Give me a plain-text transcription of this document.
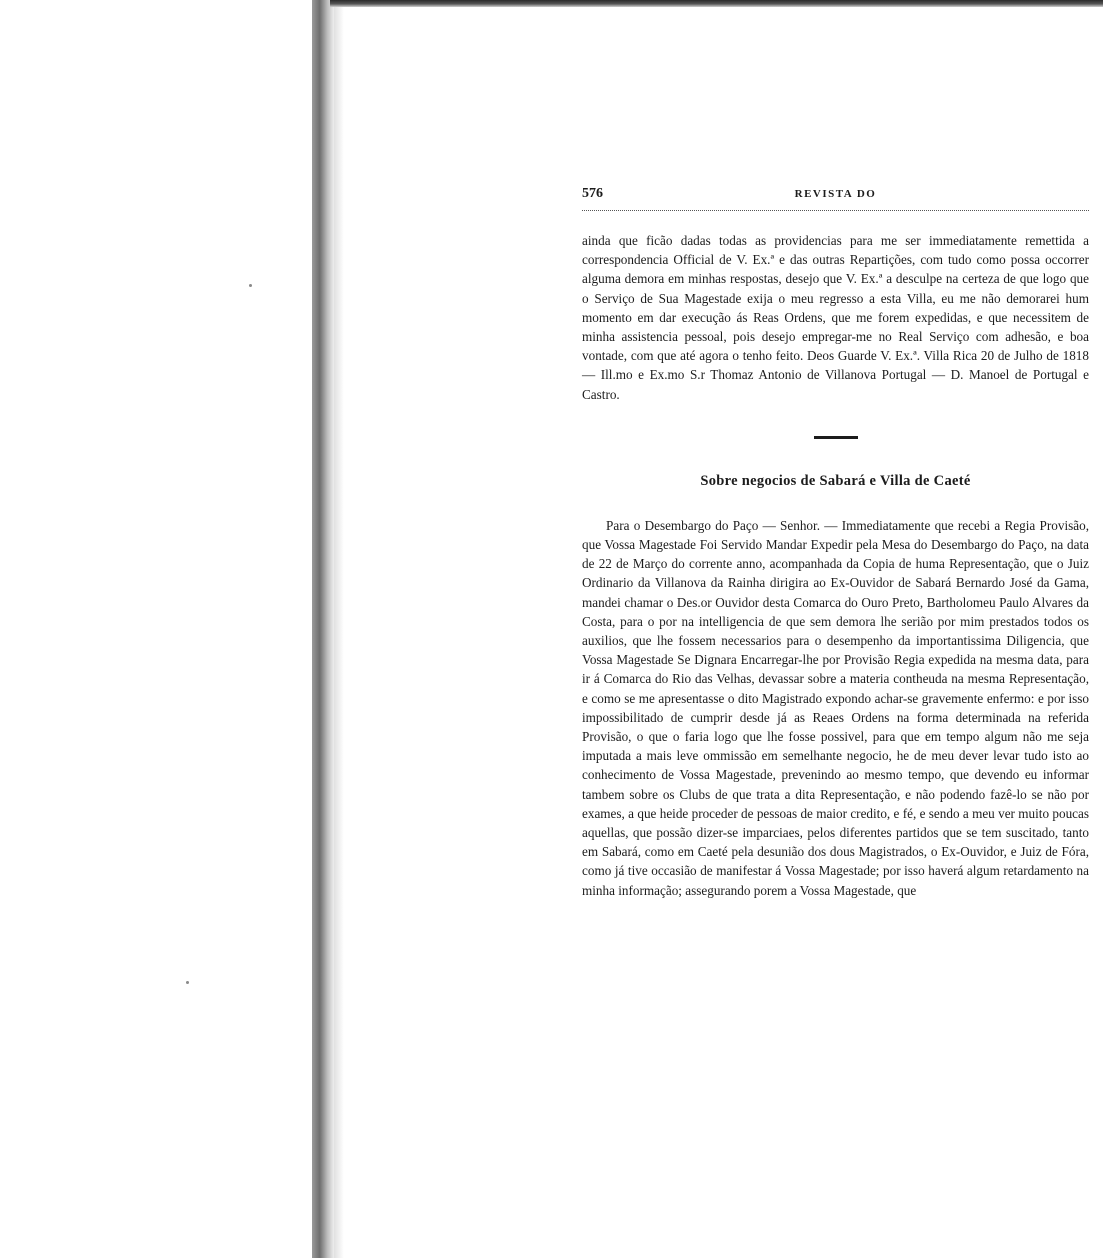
576	REVISTA DO

ainda que ficão dadas todas as providencias para me ser immediatamente remettida a correspondencia Official de V. Ex.ª e das outras Repartições, com tudo como possa occorrer alguma demora em minhas respostas, desejo que V. Ex.ª a desculpe na certeza de que logo que o Serviço de Sua Magestade exija o meu regresso a esta Villa, eu me não demorarei hum momento em dar execução ás Reas Ordens, que me forem expedidas, e que necessitem de minha assistencia pessoal, pois desejo empregar-me no Real Serviço com adhesão, e boa vontade, com que até agora o tenho feito. Deos Guarde V. Ex.ª. Villa Rica 20 de Julho de 1818 — Ill.mo e Ex.mo S.r Thomaz Antonio de Villanova Portugal — D. Manoel de Portugal e Castro.

Sobre negocios de Sabará e Villa de Caeté

Para o Desembargo do Paço — Senhor. — Immediatamente que recebi a Regia Provisão, que Vossa Magestade Foi Servido Mandar Expedir pela Mesa do Desembargo do Paço, na data de 22 de Março do corrente anno, acompanhada da Copia de huma Representação, que o Juiz Ordinario da Villanova da Rainha dirigira ao Ex-Ouvidor de Sabará Bernardo José da Gama, mandei chamar o Des.or Ouvidor desta Comarca do Ouro Preto, Bartholomeu Paulo Alvares da Costa, para o por na intelligencia de que sem demora lhe serião por mim prestados todos os auxilios, que lhe fossem necessarios para o desempenho da importantissima Diligencia, que Vossa Magestade Se Dignara Encarregar-lhe por Provisão Regia expedida na mesma data, para ir á Comarca do Rio das Velhas, devassar sobre a materia contheuda na mesma Representação, e como se me apresentasse o dito Magistrado expondo achar-se gravemente enfermo: e por isso impossibilitado de cumprir desde já as Reaes Ordens na forma determinada na referida Provisão, o que o faria logo que lhe fosse possivel, para que em tempo algum não me seja imputada a mais leve ommissão em semelhante negocio, he de meu dever levar tudo isto ao conhecimento de Vossa Magestade, prevenindo ao mesmo tempo, que devendo eu informar tambem sobre os Clubs de que trata a dita Representação, e não podendo fazê-lo se não por exames, a que heide proceder de pessoas de maior credito, e fé, e sendo a meu ver muito poucas aquellas, que possão dizer-se imparciaes, pelos diferentes partidos que se tem suscitado, tanto em Sabará, como em Caeté pela desunião dos dous Magistrados, o Ex-Ouvidor, e Juiz de Fóra, como já tive occasião de manifestar á Vossa Magestade; por isso haverá algum retardamento na minha informação; assegurando porem a Vossa Magestade, que
